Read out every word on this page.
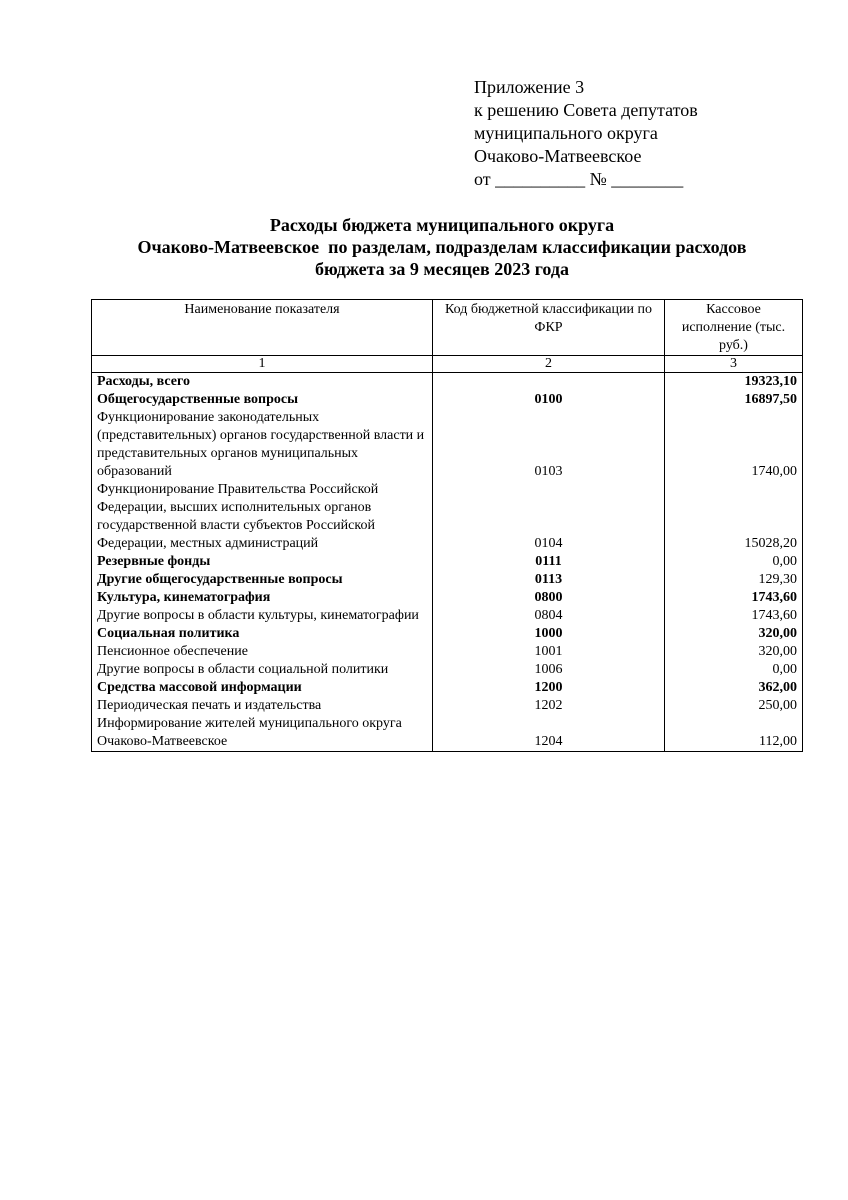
Приложение 3
к решению Совета депутатов
муниципального округа
Очаково-Матвеевское
от __________ № ________
Расходы бюджета муниципального округа
Очаково-Матвеевское  по разделам, подразделам классификации расходов
бюджета за 9 месяцев 2023 года
Наименование показателя	Код бюджетной классификации по ФКР	Кассовое исполнение (тыс. руб.)
1	2	3
Расходы, всего		19323,10
Общегосударственные вопросы	0100	16897,50
Функционирование законодательных (представительных) органов государственной власти и представительных органов муниципальных образований	0103	1740,00
Функционирование Правительства Российской Федерации, высших исполнительных органов государственной власти субъектов Российской Федерации, местных администраций	0104	15028,20
Резервные фонды	0111	0,00
Другие общегосударственные вопросы	0113	129,30
Культура, кинематография	0800	1743,60
Другие вопросы в области культуры, кинематографии	0804	1743,60
Социальная политика	1000	320,00
Пенсионное обеспечение	1001	320,00
Другие вопросы в области социальной политики	1006	0,00
Средства массовой информации	1200	362,00
Периодическая печать и издательства	1202	250,00
Информирование жителей муниципального округа Очаково-Матвеевское	1204	112,00
